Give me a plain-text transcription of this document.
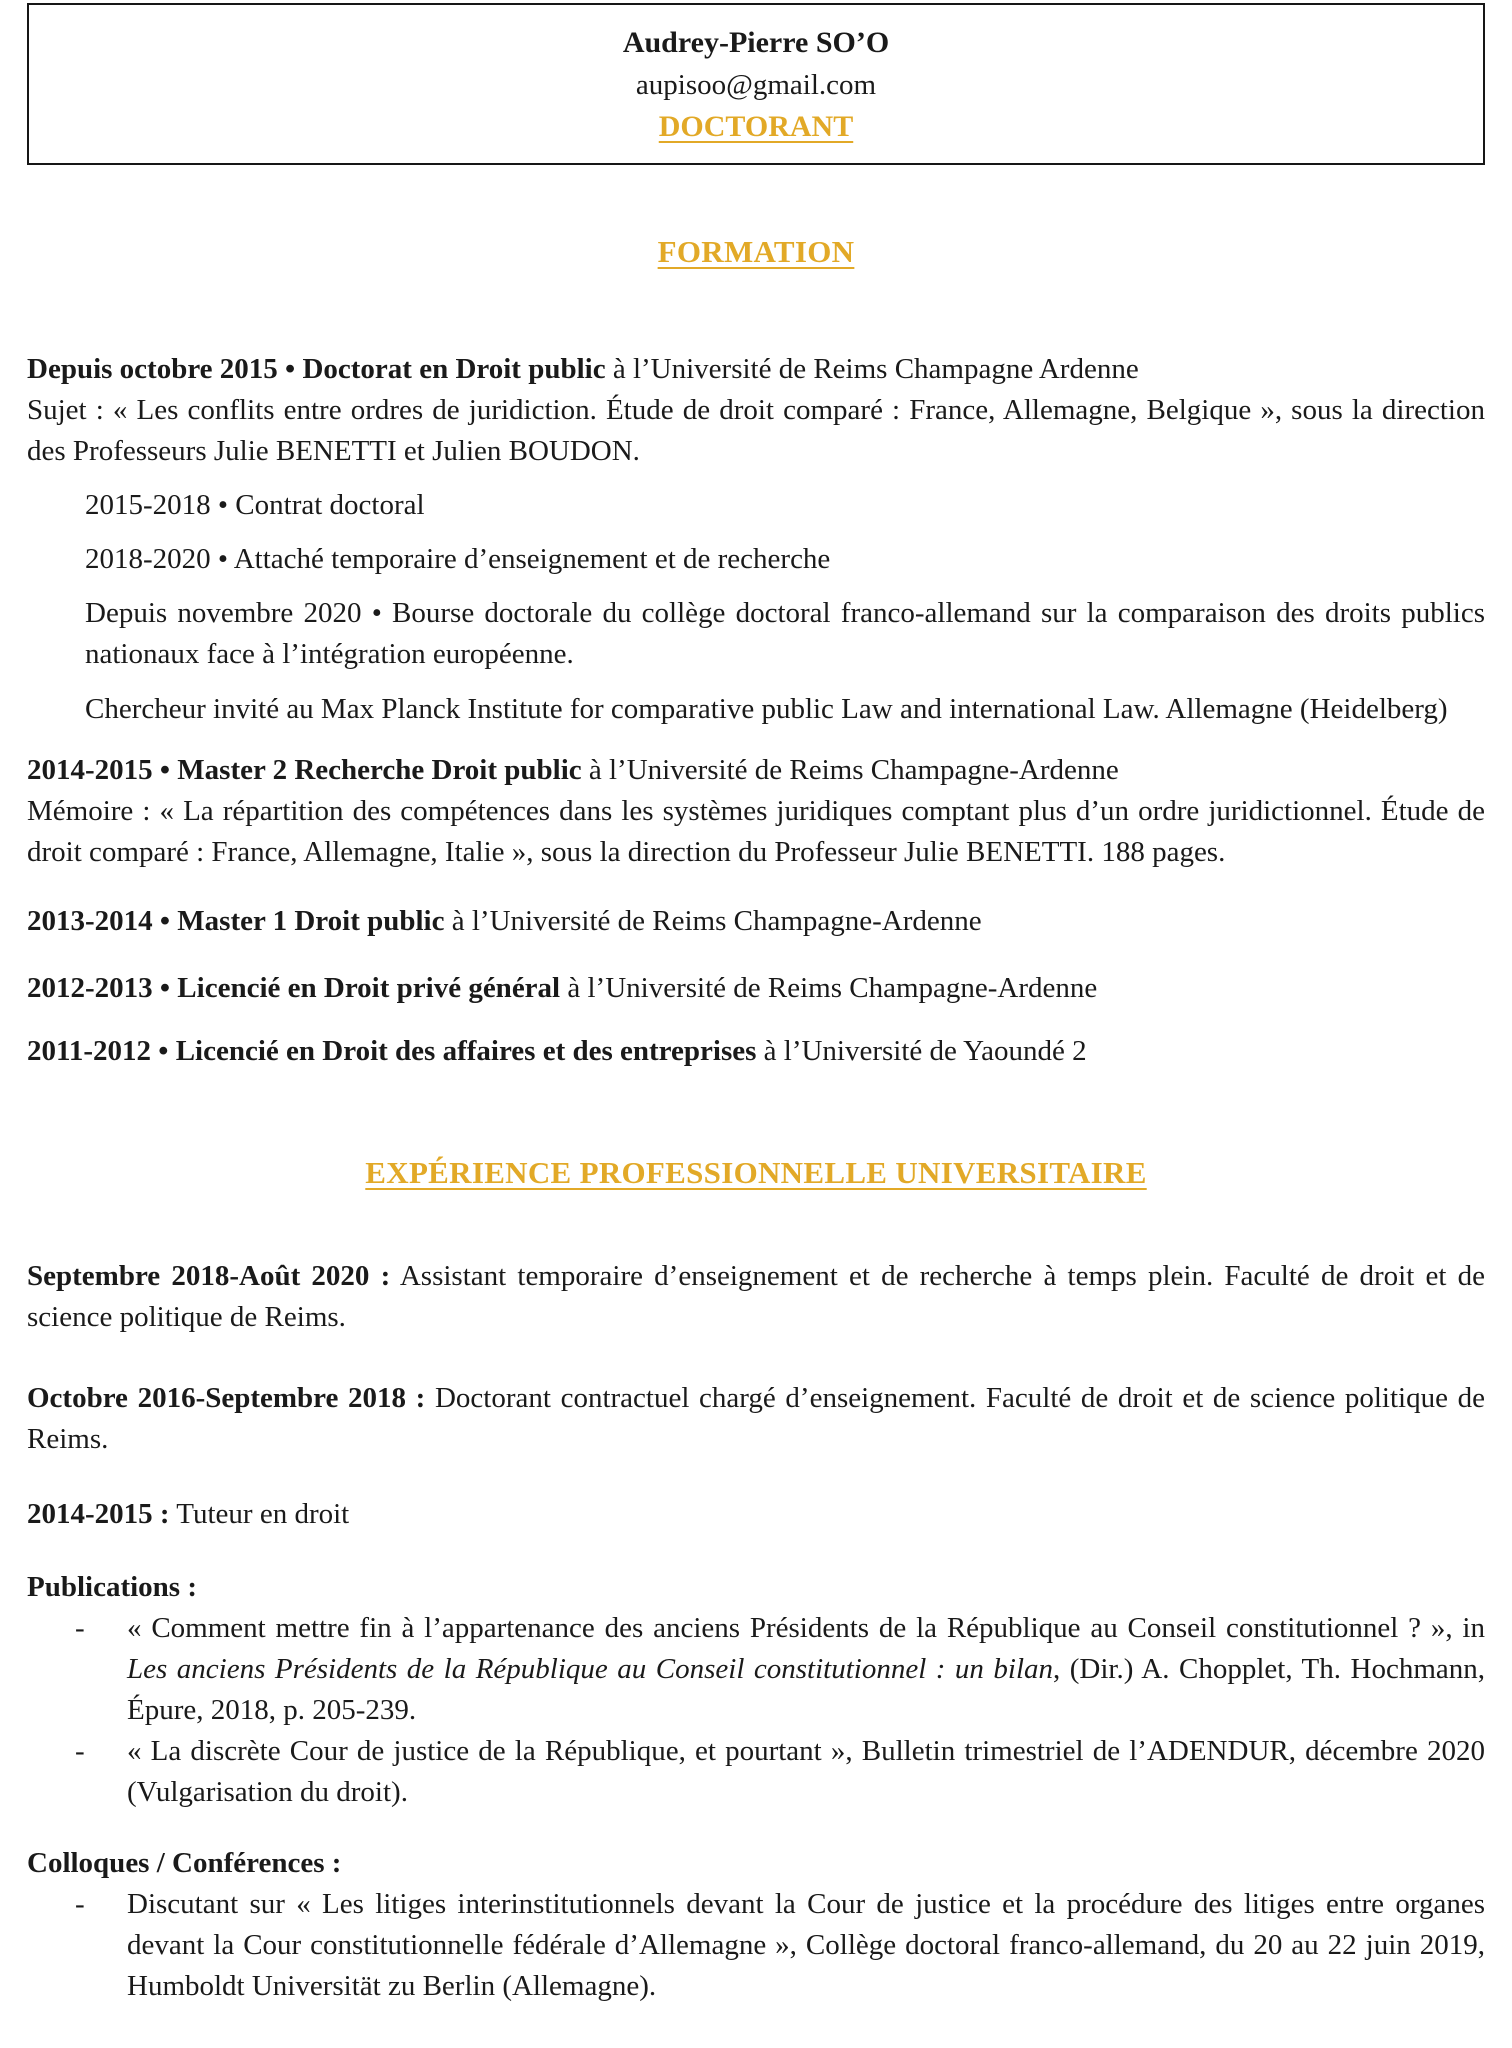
Audrey-Pierre SO’O
aupisoo@gmail.com
DOCTORANT
FORMATION

Depuis octobre 2015 • Doctorat en Droit public à l’Université de Reims Champagne Ardenne

Sujet : « Les conflits entre ordres de juridiction. Étude de droit comparé : France, Allemagne, Belgique », sous la direction des Professeurs Julie BENETTI et Julien BOUDON.

2015-2018 • Contrat doctoral

2018-2020 • Attaché temporaire d’enseignement et de recherche

Depuis novembre 2020 • Bourse doctorale du collège doctoral franco-allemand sur la comparaison des droits publics nationaux face à l’intégration européenne.

Chercheur invité au Max Planck Institute for comparative public Law and international Law. Allemagne (Heidelberg)

2014-2015 • Master 2 Recherche Droit public à l’Université de Reims Champagne-Ardenne

Mémoire : « La répartition des compétences dans les systèmes juridiques comptant plus d’un ordre juridictionnel. Étude de droit comparé : France, Allemagne, Italie », sous la direction du Professeur Julie BENETTI. 188 pages.

2013-2014 • Master 1 Droit public à l’Université de Reims Champagne-Ardenne

2012-2013 • Licencié en Droit privé général à l’Université de Reims Champagne-Ardenne

2011-2012 • Licencié en Droit des affaires et des entreprises à l’Université de Yaoundé 2

EXPÉRIENCE PROFESSIONNELLE UNIVERSITAIRE

Septembre 2018-Août 2020 : Assistant temporaire d’enseignement et de recherche à temps plein. Faculté de droit et de science politique de Reims.

Octobre 2016-Septembre 2018 : Doctorant contractuel chargé d’enseignement. Faculté de droit et de science politique de Reims.

2014-2015 : Tuteur en droit

Publications :

-	« Comment mettre fin à l’appartenance des anciens Présidents de la République au Conseil constitutionnel ? », in Les anciens Présidents de la République au Conseil constitutionnel : un bilan, (Dir.) A. Chopplet, Th. Hochmann, Épure, 2018, p. 205-239.
-	« La discrète Cour de justice de la République, et pourtant », Bulletin trimestriel de l’ADENDUR, décembre 2020 (Vulgarisation du droit).

Colloques / Conférences :

-	Discutant sur « Les litiges interinstitutionnels devant la Cour de justice et la procédure des litiges entre organes devant la Cour constitutionnelle fédérale d’Allemagne », Collège doctoral franco-allemand, du 20 au 22 juin 2019, Humboldt Universität zu Berlin (Allemagne).
